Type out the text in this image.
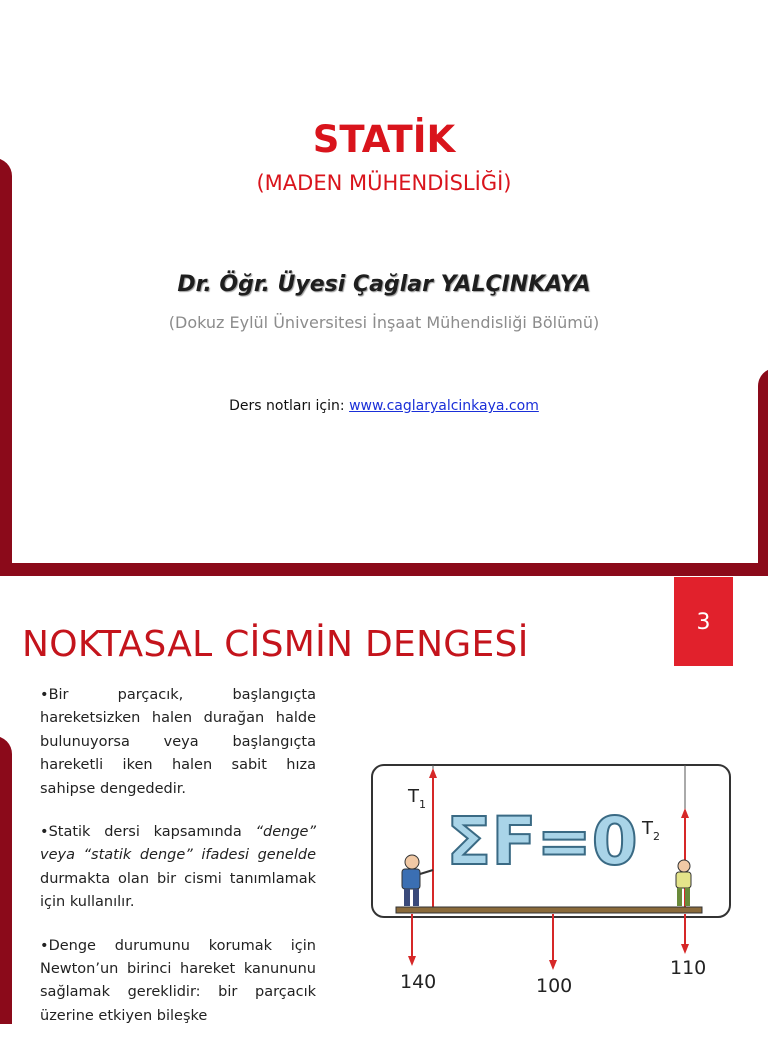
STATİK
(MADEN MÜHENDİSLİĞİ)
Dr. Öğr. Üyesi Çağlar YALÇINKAYA
(Dokuz Eylül Üniversitesi İnşaat Mühendisliği Bölümü)
Ders notları için: www.caglaryalcinkaya.com
NOKTASAL CİSMİN DENGESİ
3

•Bir parçacık, başlangıçta hareketsizken halen durağan halde bulunuyorsa veya başlangıçta hareketli iken halen sabit hıza sahipse dengededir.

•Statik dersi kapsamında “denge” veya “statik denge” ifadesi genelde durmakta olan bir cismi tanımlamak için kullanılır.

•Denge durumunu korumak için Newton’un birinci hareket kanununu sağlamak gereklidir: bir parçacık üzerine etkiyen bileşke

ΣF=0
$T_1$
$T_2$
140	100
110
